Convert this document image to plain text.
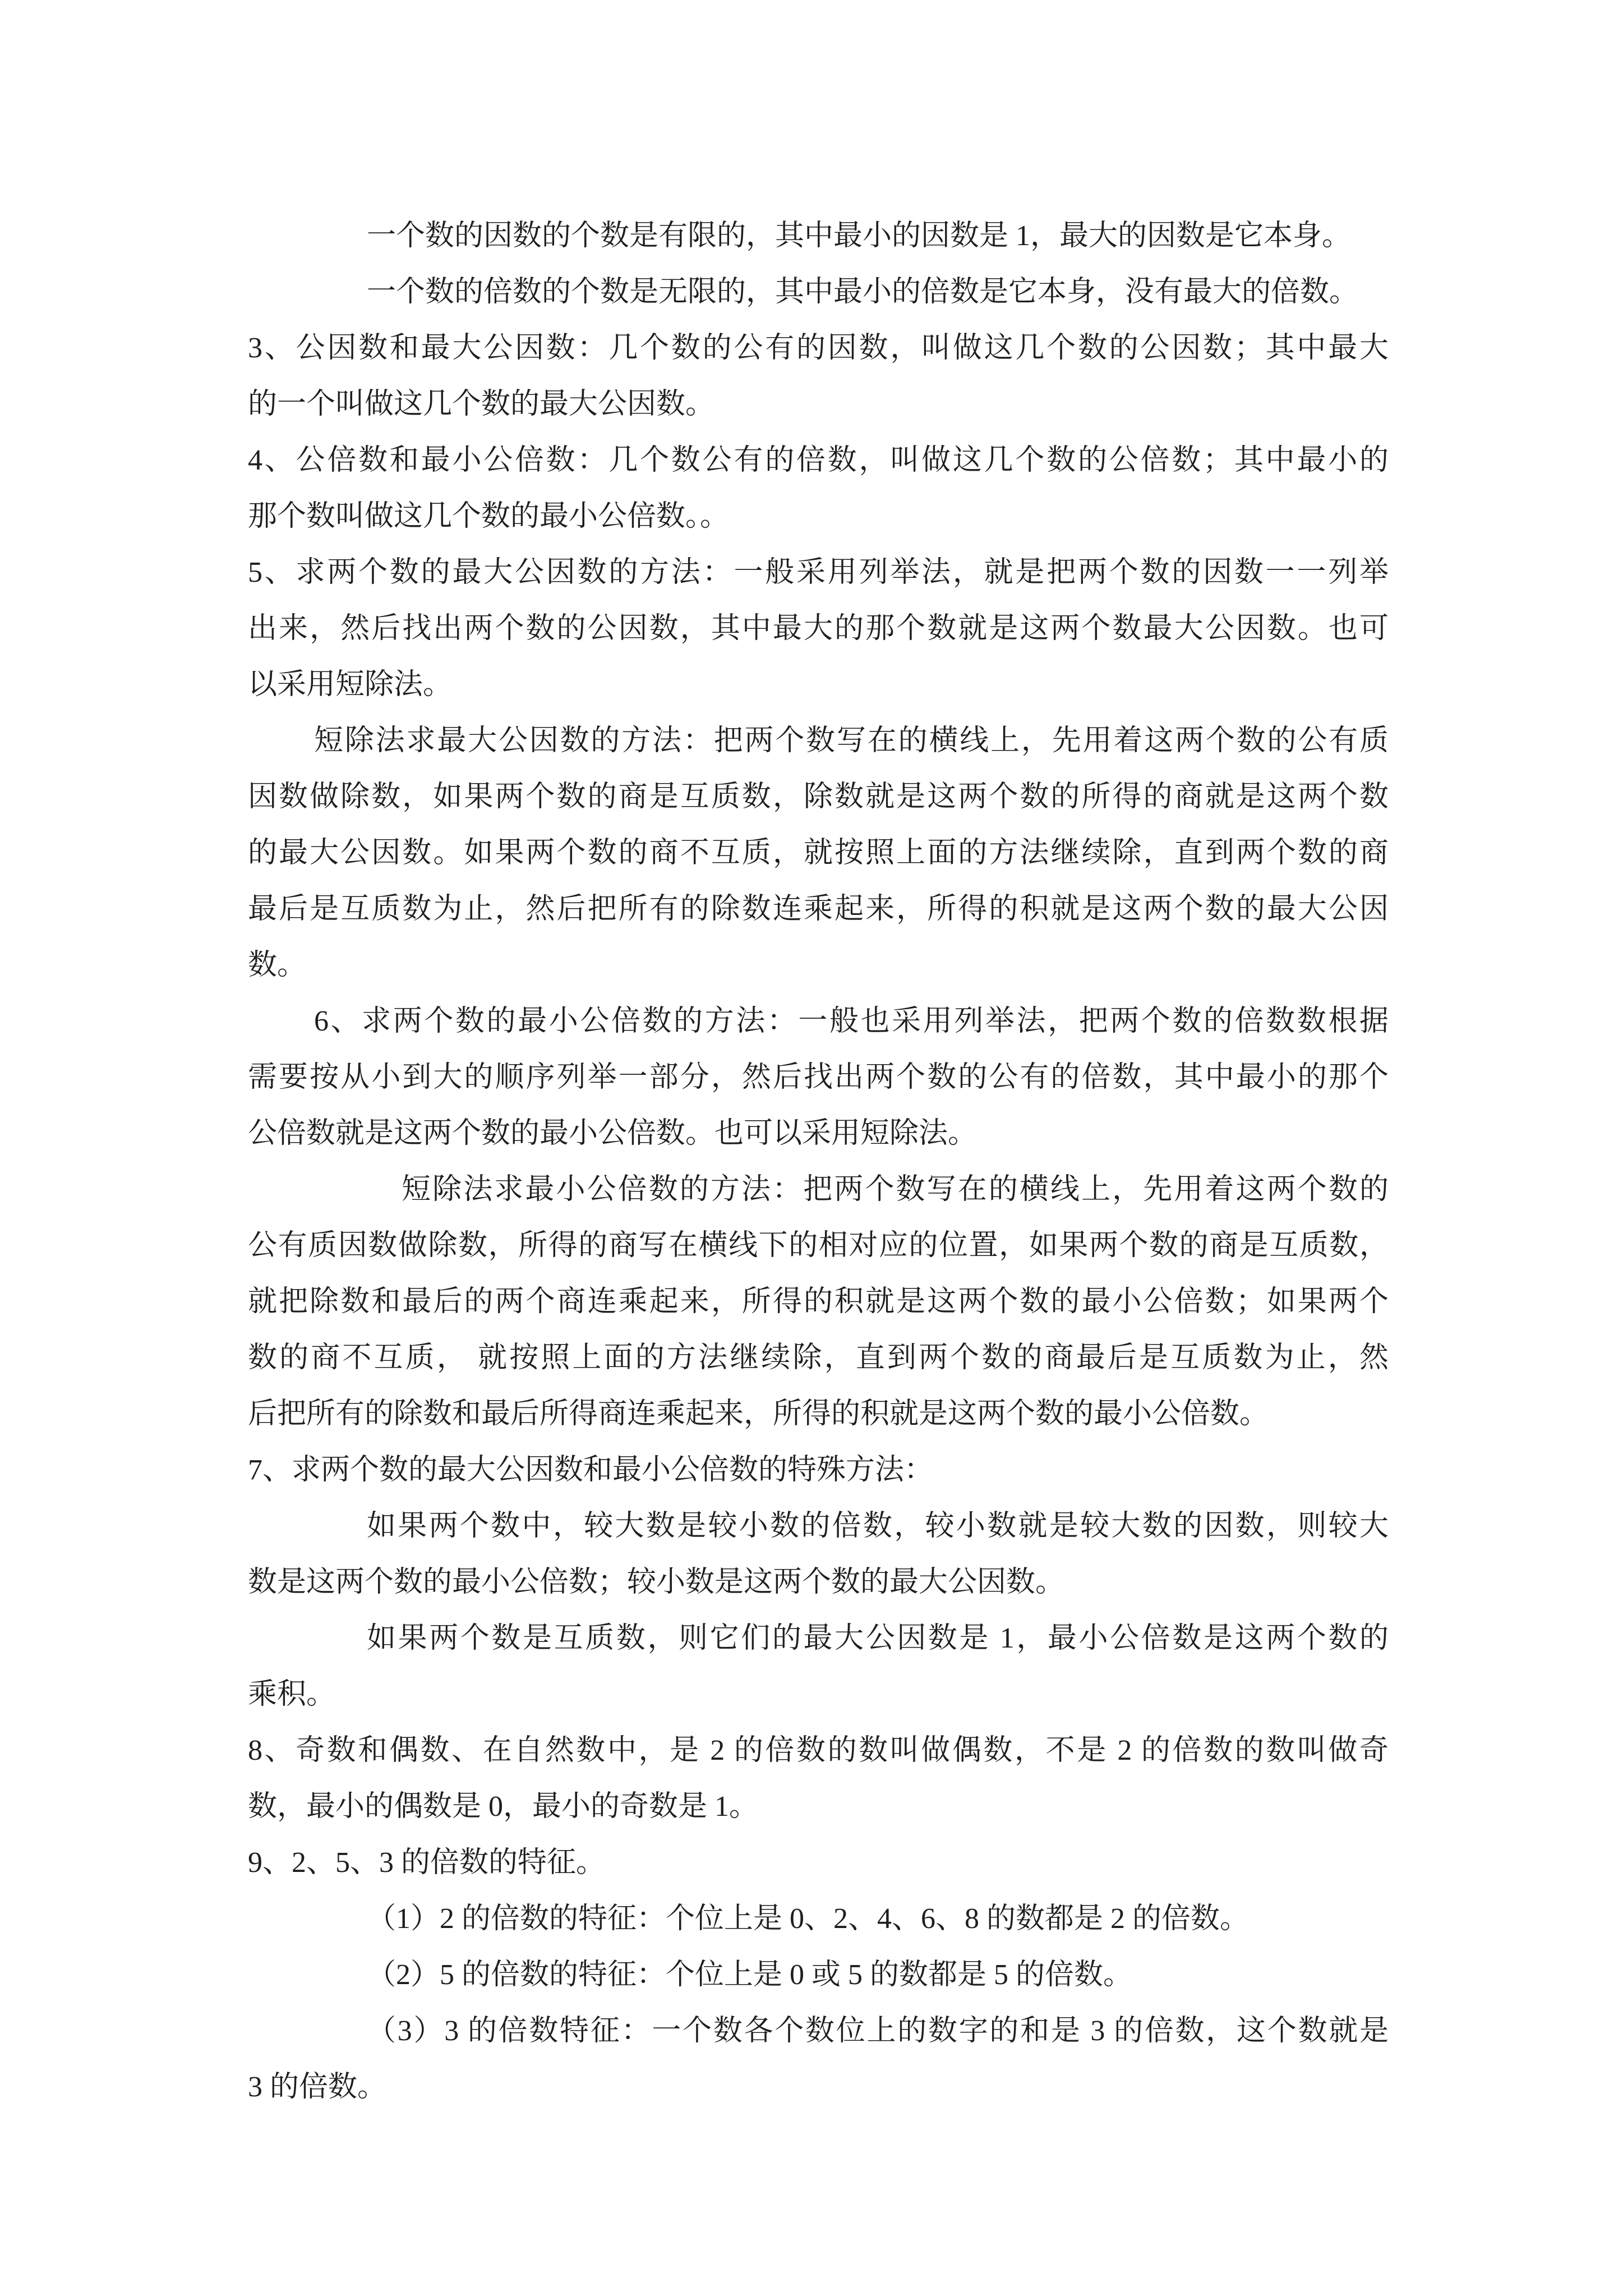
一个数的因数的个数是有限的，其中最小的因数是 1，最大的因数是它本身。
一个数的倍数的个数是无限的，其中最小的倍数是它本身，没有最大的倍数。
3、公因数和最大公因数：几个数的公有的因数，叫做这几个数的公因数；其中最大
的一个叫做这几个数的最大公因数。
4、公倍数和最小公倍数：几个数公有的倍数，叫做这几个数的公倍数；其中最小的
那个数叫做这几个数的最小公倍数。。
5、求两个数的最大公因数的方法：一般采用列举法，就是把两个数的因数一一列举
出来，然后找出两个数的公因数，其中最大的那个数就是这两个数最大公因数。也可
以采用短除法。
短除法求最大公因数的方法：把两个数写在的横线上，先用着这两个数的公有质
因数做除数，如果两个数的商是互质数，除数就是这两个数的所得的商就是这两个数
的最大公因数。如果两个数的商不互质，就按照上面的方法继续除，直到两个数的商
最后是互质数为止，然后把所有的除数连乘起来，所得的积就是这两个数的最大公因
数。
6、求两个数的最小公倍数的方法：一般也采用列举法，把两个数的倍数数根据
需要按从小到大的顺序列举一部分，然后找出两个数的公有的倍数，其中最小的那个
公倍数就是这两个数的最小公倍数。也可以采用短除法。
短除法求最小公倍数的方法：把两个数写在的横线上，先用着这两个数的
公有质因数做除数，所得的商写在横线下的相对应的位置，如果两个数的商是互质数，
就把除数和最后的两个商连乘起来，所得的积就是这两个数的最小公倍数；如果两个
数的商不互质， 就按照上面的方法继续除，直到两个数的商最后是互质数为止，然
后把所有的除数和最后所得商连乘起来，所得的积就是这两个数的最小公倍数。
7、求两个数的最大公因数和最小公倍数的特殊方法：
如果两个数中，较大数是较小数的倍数，较小数就是较大数的因数，则较大
数是这两个数的最小公倍数；较小数是这两个数的最大公因数。
如果两个数是互质数，则它们的最大公因数是 1，最小公倍数是这两个数的
乘积。
8、奇数和偶数、在自然数中，是 2 的倍数的数叫做偶数，不是 2 的倍数的数叫做奇
数，最小的偶数是 0，最小的奇数是 1。
9、2、5、3 的倍数的特征。
（1）2 的倍数的特征：个位上是 0、2、4、6、8 的数都是 2 的倍数。
（2）5 的倍数的特征：个位上是 0 或 5 的数都是 5 的倍数。
（3）3 的倍数特征：一个数各个数位上的数字的和是 3 的倍数，这个数就是
3 的倍数。
